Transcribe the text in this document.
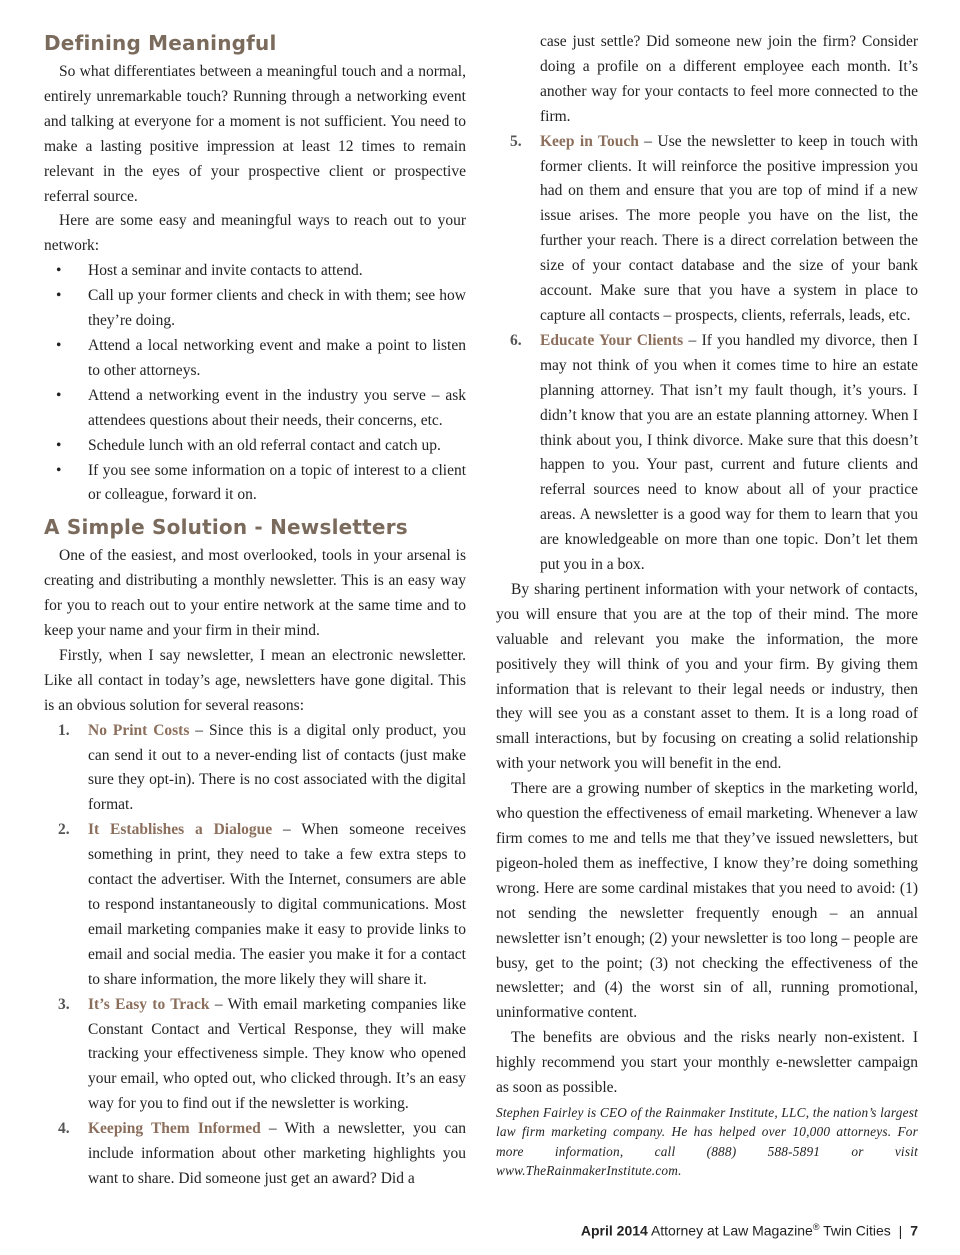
Defining Meaningful

So what differentiates between a meaningful touch and a normal, entirely unremarkable touch? Running through a networking event and talking at everyone for a moment is not sufficient. You need to make a lasting positive impression at least 12 times to remain relevant in the eyes of your prospective client or prospective referral source.

Here are some easy and meaningful ways to reach out to your network:

• Host a seminar and invite contacts to attend.
• Call up your former clients and check in with them; see how they’re doing.
• Attend a local networking event and make a point to listen to other attorneys.
• Attend a networking event in the industry you serve – ask attendees questions about their needs, their concerns, etc.
• Schedule lunch with an old referral contact and catch up.
• If you see some information on a topic of interest to a client or colleague, forward it on.
A Simple Solution - Newsletters

One of the easiest, and most overlooked, tools in your arsenal is creating and distributing a monthly newsletter. This is an easy way for you to reach out to your entire network at the same time and to keep your name and your firm in their mind.

Firstly, when I say newsletter, I mean an electronic newsletter. Like all contact in today’s age, newsletters have gone digital. This is an obvious solution for several reasons:

1. No Print Costs – Since this is a digital only product, you can send it out to a never-ending list of contacts (just make sure they opt-in). There is no cost associated with the digital format.
2. It Establishes a Dialogue – When someone receives something in print, they need to take a few extra steps to contact the advertiser. With the Internet, consumers are able to respond instantaneously to digital communications. Most email marketing companies make it easy to provide links to email and social media. The easier you make it for a contact to share information, the more likely they will share it.
3. It’s Easy to Track – With email marketing companies like Constant Contact and Vertical Response, they will make tracking your effectiveness simple. They know who opened your email, who opted out, who clicked through. It’s an easy way for you to find out if the newsletter is working.
4. Keeping Them Informed – With a newsletter, you can include information about other marketing highlights you want to share. Did someone just get an award? Did a
case just settle? Did someone new join the firm? Consider doing a profile on a different employee each month. It’s another way for your contacts to feel more connected to the firm.
5. Keep in Touch – Use the newsletter to keep in touch with former clients. It will reinforce the positive impression you had on them and ensure that you are top of mind if a new issue arises. The more people you have on the list, the further your reach. There is a direct correlation between the size of your contact database and the size of your bank account. Make sure that you have a system in place to capture all contacts – prospects, clients, referrals, leads, etc.
6. Educate Your Clients – If you handled my divorce, then I may not think of you when it comes time to hire an estate planning attorney. That isn’t my fault though, it’s yours. I didn’t know that you are an estate planning attorney. When I think about you, I think divorce. Make sure that this doesn’t happen to you. Your past, current and future clients and referral sources need to know about all of your practice areas. A newsletter is a good way for them to learn that you are knowledgeable on more than one topic. Don’t let them put you in a box.

By sharing pertinent information with your network of contacts, you will ensure that you are at the top of their mind. The more valuable and relevant you make the information, the more positively they will think of you and your firm. By giving them information that is relevant to their legal needs or industry, then they will see you as a constant asset to them. It is a long road of small interactions, but by focusing on creating a solid relationship with your network you will benefit in the end.

There are a growing number of skeptics in the marketing world, who question the effectiveness of email marketing. Whenever a law firm comes to me and tells me that they’ve issued newsletters, but pigeon-holed them as ineffective, I know they’re doing something wrong. Here are some cardinal mistakes that you need to avoid: (1) not sending the newsletter frequently enough – an annual newsletter isn’t enough; (2) your newsletter is too long – people are busy, get to the point; (3) not checking the effectiveness of the newsletter; and (4) the worst sin of all, running promotional, uninformative content.

The benefits are obvious and the risks nearly non-existent. I highly recommend you start your monthly e-newsletter campaign as soon as possible.

Stephen Fairley is CEO of the Rainmaker Institute, LLC, the nation’s largest law firm marketing company. He has helped over 10,000 attorneys. For more information, call (888) 588-5891 or visit www.TheRainmakerInstitute.com.
April 2014 Attorney at Law Magazine® Twin Cities | 7
